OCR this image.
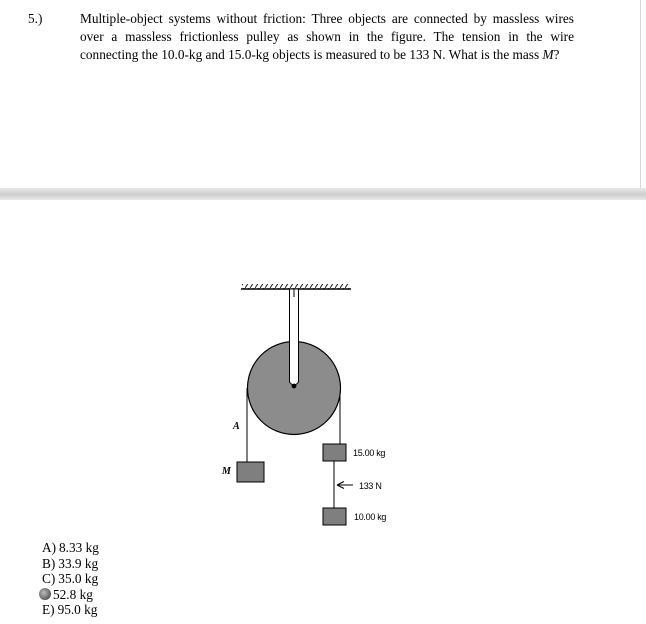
5.)	Multiple-object systems without friction: Three objects are connected by massless wires
over a massless frictionless pulley as shown in the figure. The tension in the wire
connecting the 10.0-kg and 15.0-kg objects is measured to be 133 N. What is the mass M?
A
M
15.00 kg
133 N
10.00 kg
A) 8.33 kg
B) 33.9 kg
C) 35.0 kg
52.8 kg
E) 95.0 kg
